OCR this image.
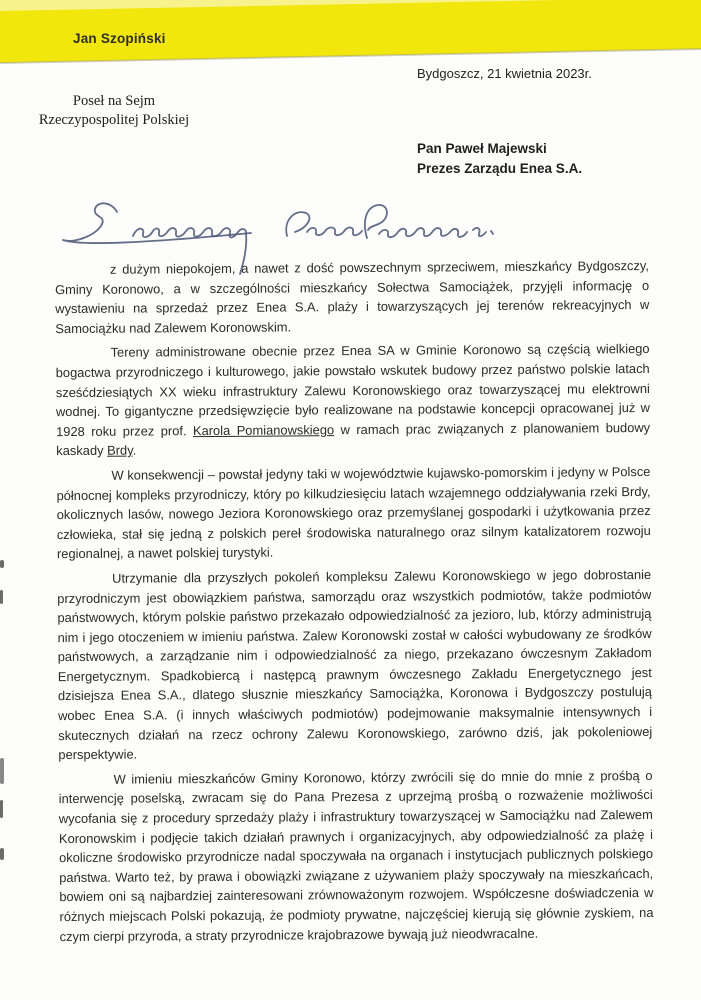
Jan Szopiński
Bydgoszcz, 21 kwietnia 2023r.
Poseł na Sejm
Rzeczypospolitej Polskiej
Pan Paweł Majewski
Prezes Zarządu Enea S.A.

z dużym niepokojem, a nawet z dość powszechnym sprzeciwem, mieszkańcy Bydgoszczy, Gminy Koronowo, a w szczególności mieszkańcy Sołectwa Samociążek, przyjęli informację o wystawieniu na sprzedaż przez Enea S.A. plaży i towarzyszących jej terenów rekreacyjnych w Samociążku nad Zalewem Koronowskim.

Tereny administrowane obecnie przez Enea SA w Gminie Koronowo są częścią wielkiego bogactwa przyrodniczego i kulturowego, jakie powstało wskutek budowy przez państwo polskie latach sześćdziesiątych XX wieku infrastruktury Zalewu Koronowskiego oraz towarzyszącej mu elektrowni wodnej. To gigantyczne przedsięwzięcie było realizowane na podstawie koncepcji opracowanej już w 1928 roku przez prof. Karola Pomianowskiego w ramach prac związanych z planowaniem budowy kaskady Brdy.

W konsekwencji – powstał jedyny taki w województwie kujawsko-pomorskim i jedyny w Polsce północnej kompleks przyrodniczy, który po kilkudziesięciu latach wzajemnego oddziaływania rzeki Brdy, okolicznych lasów, nowego Jeziora Koronowskiego oraz przemyślanej gospodarki i użytkowania przez człowieka, stał się jedną z polskich pereł środowiska naturalnego oraz silnym katalizatorem rozwoju regionalnej, a nawet polskiej turystyki.

Utrzymanie dla przyszłych pokoleń kompleksu Zalewu Koronowskiego w jego dobrostanie przyrodniczym jest obowiązkiem państwa, samorządu oraz wszystkich podmiotów, także podmiotów państwowych, którym polskie państwo przekazało odpowiedzialność za jezioro, lub, którzy administrują nim i jego otoczeniem w imieniu państwa. Zalew Koronowski został w całości wybudowany ze środków państwowych, a zarządzanie nim i odpowiedzialność za niego, przekazano ówczesnym Zakładom Energetycznym. Spadkobiercą i następcą prawnym ówczesnego Zakładu Energetycznego jest dzisiejsza Enea S.A., dlatego słusznie mieszkańcy Samociążka, Koronowa i Bydgoszczy postulują wobec Enea S.A. (i innych właściwych podmiotów) podejmowanie maksymalnie intensywnych i skutecznych działań na rzecz ochrony Zalewu Koronowskiego, zarówno dziś, jak pokoleniowej perspektywie.

W imieniu mieszkańców Gminy Koronowo, którzy zwrócili się do mnie do mnie z prośbą o interwencję poselską, zwracam się do Pana Prezesa z uprzejmą prośbą o rozważenie możliwości wycofania się z procedury sprzedaży plaży i infrastruktury towarzyszącej w Samociążku nad Zalewem Koronowskim i podjęcie takich działań prawnych i organizacyjnych, aby odpowiedzialność za plażę i okoliczne środowisko przyrodnicze nadal spoczywała na organach i instytucjach publicznych polskiego państwa. Warto też, by prawa i obowiązki związane z używaniem plaży spoczywały na mieszkańcach, bowiem oni są najbardziej zainteresowani zrównoważonym rozwojem. Współczesne doświadczenia w różnych miejscach Polski pokazują, że podmioty prywatne, najczęściej kierują się głównie zyskiem, na czym cierpi przyroda, a straty przyrodnicze krajobrazowe bywają już nieodwracalne.
